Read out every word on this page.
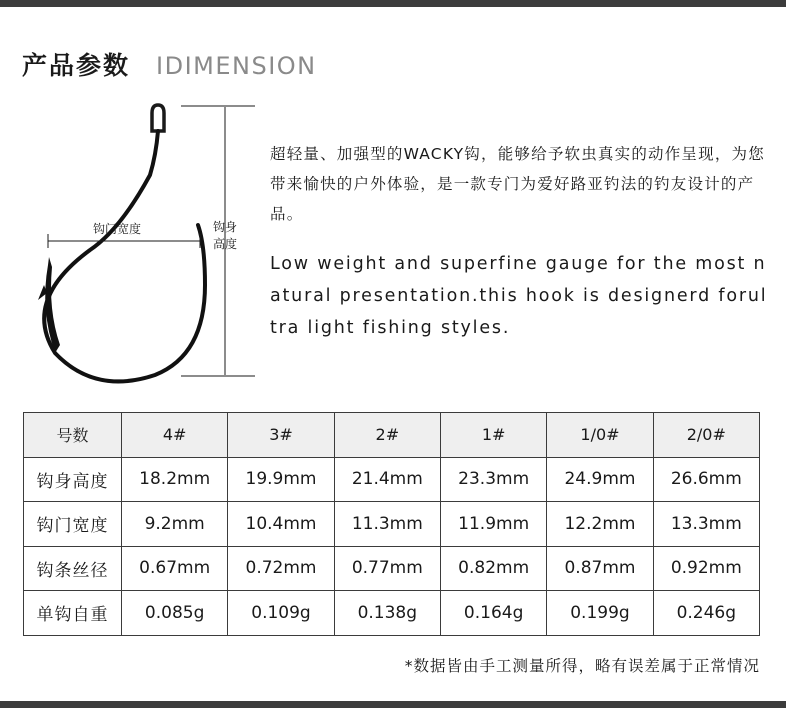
产品参数 IDIMENSION
钩门宽度	钩身
高度
超轻量、加强型的WACKY钩，能够给予软虫真实的动作呈现，为您带来愉快的户外体验，是一款专门为爱好路亚钓法的钓友设计的产品。
Low weight and superfine gauge for the most natural presentation.this hook is designerd forultra light fishing styles.
号数	4#	3#	2#	1#	1/0#	2/0#
钩身高度	18.2mm	19.9mm	21.4mm	23.3mm	24.9mm	26.6mm
钩门宽度	9.2mm	10.4mm	11.3mm	11.9mm	12.2mm	13.3mm
钩条丝径	0.67mm	0.72mm	0.77mm	0.82mm	0.87mm	0.92mm
单钩自重	0.085g	0.109g	0.138g	0.164g	0.199g	0.246g
*数据皆由手工测量所得，略有误差属于正常情况
